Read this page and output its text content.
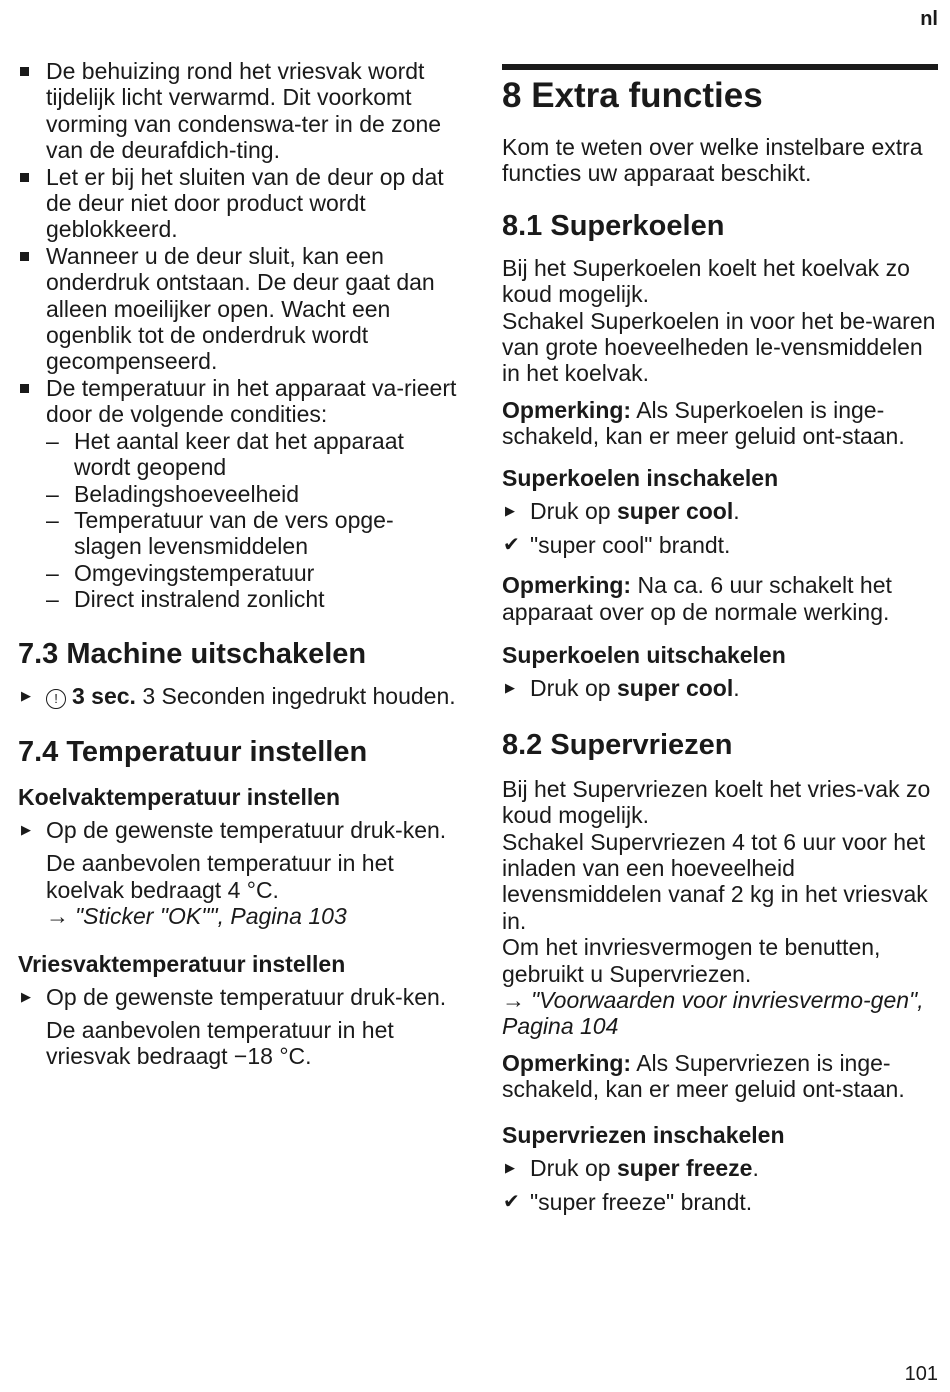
nl
De behuizing rond het vriesvak wordt tijdelijk licht verwarmd. Dit voorkomt vorming van condenswa-ter in de zone van de deurafdich-ting.
Let er bij het sluiten van de deur op dat de deur niet door product wordt geblokkeerd.
Wanneer u de deur sluit, kan een onderdruk ontstaan. De deur gaat dan alleen moeilijker open. Wacht een ogenblik tot de onderdruk wordt gecompenseerd.
De temperatuur in het apparaat va-rieert door de volgende condities:
– Het aantal keer dat het apparaat wordt geopend
– Beladingshoeveelheid
– Temperatuur van de vers opge-slagen levensmiddelen
– Omgevingstemperatuur
– Direct instralend zonlicht
7.3 Machine uitschakelen
▶ ! 3 sec. 3 Seconden ingedrukt houden.
7.4 Temperatuur instellen
Koelvaktemperatuur instellen
▶ Op de gewenste temperatuur druk-ken.
De aanbevolen temperatuur in het koelvak bedraagt 4 °C.
→ "Sticker "OK"", Pagina 103
Vriesvaktemperatuur instellen
▶ Op de gewenste temperatuur druk-ken.
De aanbevolen temperatuur in het vriesvak bedraagt −18 °C.
8 Extra functies

Kom te weten over welke instelbare extra functies uw apparaat beschikt.

8.1 Superkoelen

Bij het Superkoelen koelt het koelvak zo koud mogelijk.

Schakel Superkoelen in voor het be-waren van grote hoeveelheden le-vensmiddelen in het koelvak.

Opmerking: Als Superkoelen is inge-schakeld, kan er meer geluid ont-staan.

Superkoelen inschakelen
▶ Druk op super cool.
✔ "super cool" brandt.

Opmerking: Na ca. 6 uur schakelt het apparaat over op de normale werking.

Superkoelen uitschakelen
▶ Druk op super cool.
8.2 Supervriezen

Bij het Supervriezen koelt het vries-vak zo koud mogelijk.

Schakel Supervriezen 4 tot 6 uur voor het inladen van een hoeveelheid levensmiddelen vanaf 2 kg in het vriesvak in.

Om het invriesvermogen te benutten, gebruikt u Supervriezen.

→ "Voorwaarden voor invriesvermo-gen", Pagina 104

Opmerking: Als Supervriezen is inge-schakeld, kan er meer geluid ont-staan.

Supervriezen inschakelen
▶ Druk op super freeze.
✔ "super freeze" brandt.
101
